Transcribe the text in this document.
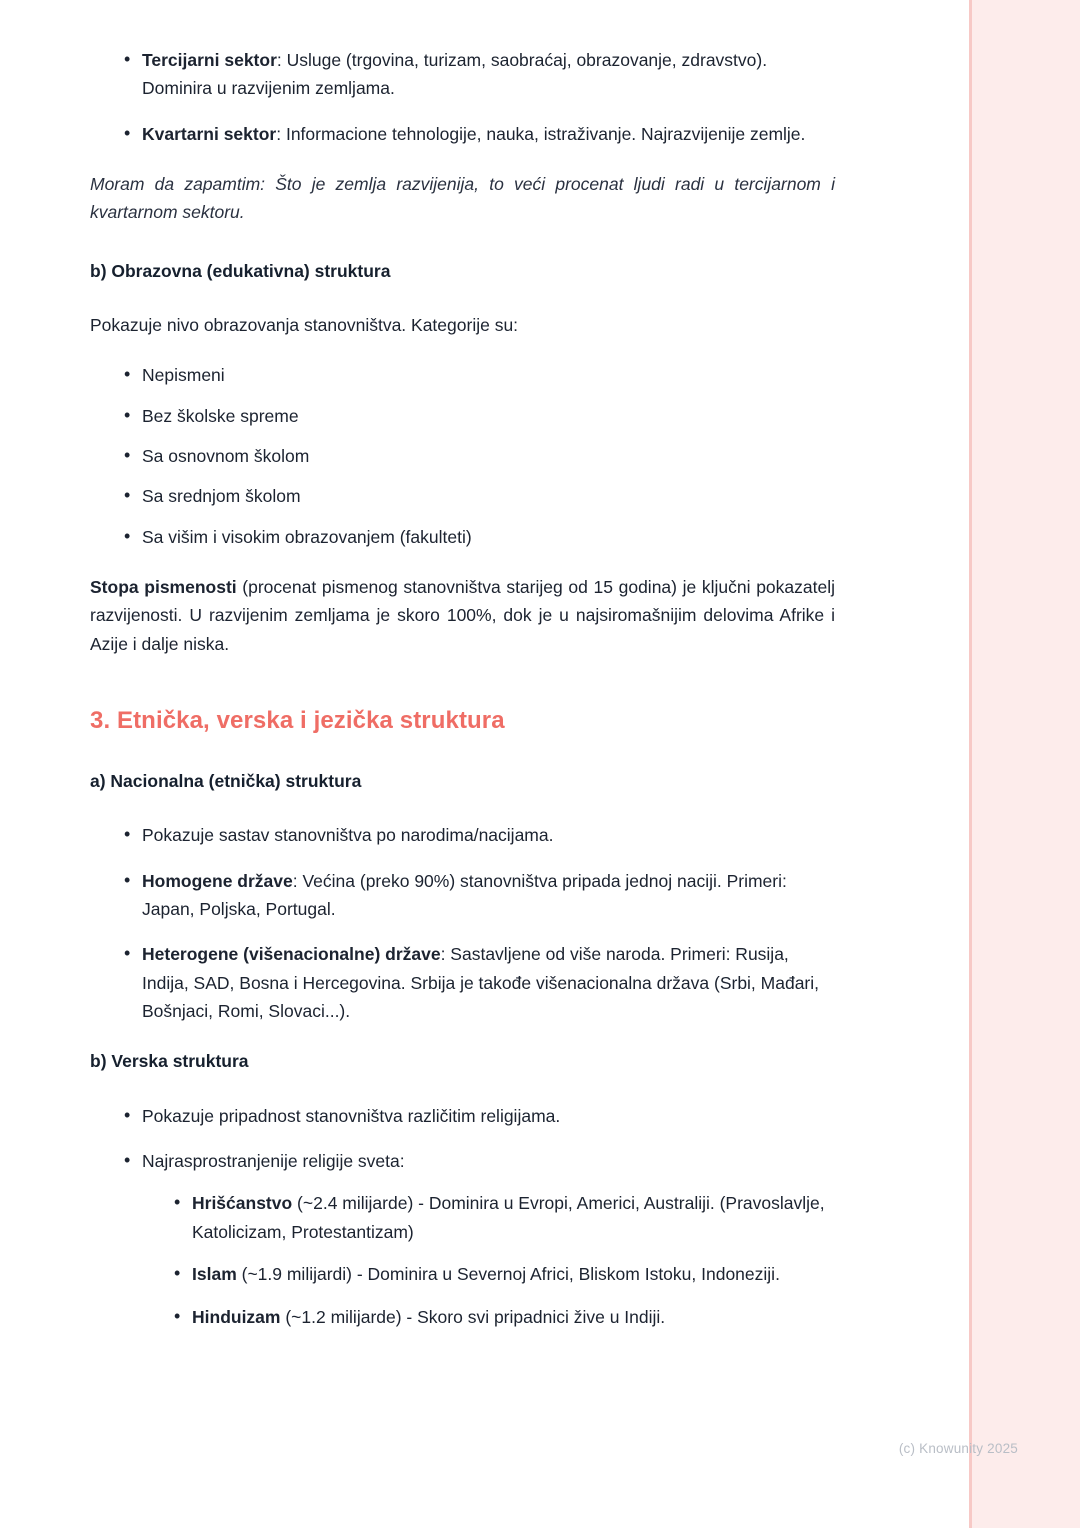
• Tercijarni sektor: Usluge (trgovina, turizam, saobraćaj, obrazovanje, zdravstvo). Dominira u razvijenim zemljama.
• Kvartarni sektor: Informacione tehnologije, nauka, istraživanje. Najrazvijenije zemlje.

Moram da zapamtim: Što je zemlja razvijenija, to veći procenat ljudi radi u tercijarnom i kvartarnom sektoru.

b) Obrazovna (edukativna) struktura

Pokazuje nivo obrazovanja stanovništva. Kategorije su:

• Nepismeni
• Bez školske spreme
• Sa osnovnom školom
• Sa srednjom školom
• Sa višim i visokim obrazovanjem (fakulteti)

Stopa pismenosti (procenat pismenog stanovništva starijeg od 15 godina) je ključni pokazatelj razvijenosti. U razvijenim zemljama je skoro 100%, dok je u najsiromašnijim delovima Afrike i Azije i dalje niska.

3. Etnička, verska i jezička struktura

a) Nacionalna (etnička) struktura

• Pokazuje sastav stanovništva po narodima/nacijama.
• Homogene države: Većina (preko 90%) stanovništva pripada jednoj naciji. Primeri: Japan, Poljska, Portugal.
• Heterogene (višenacionalne) države: Sastavljene od više naroda. Primeri: Rusija, Indija, SAD, Bosna i Hercegovina. Srbija je takođe višenacionalna država (Srbi, Mađari, Bošnjaci, Romi, Slovaci...).

b) Verska struktura

• Pokazuje pripadnost stanovništva različitim religijama.
• Najrasprostranjenije religije sveta:
• Hrišćanstvo (~2.4 milijarde) - Dominira u Evropi, Americi, Australiji. (Pravoslavlje, Katolicizam, Protestantizam)
• Islam (~1.9 milijardi) - Dominira u Severnoj Africi, Bliskom Istoku, Indoneziji.
• Hinduizam (~1.2 milijarde) - Skoro svi pripadnici žive u Indiji.
(c) Knowunity 2025
